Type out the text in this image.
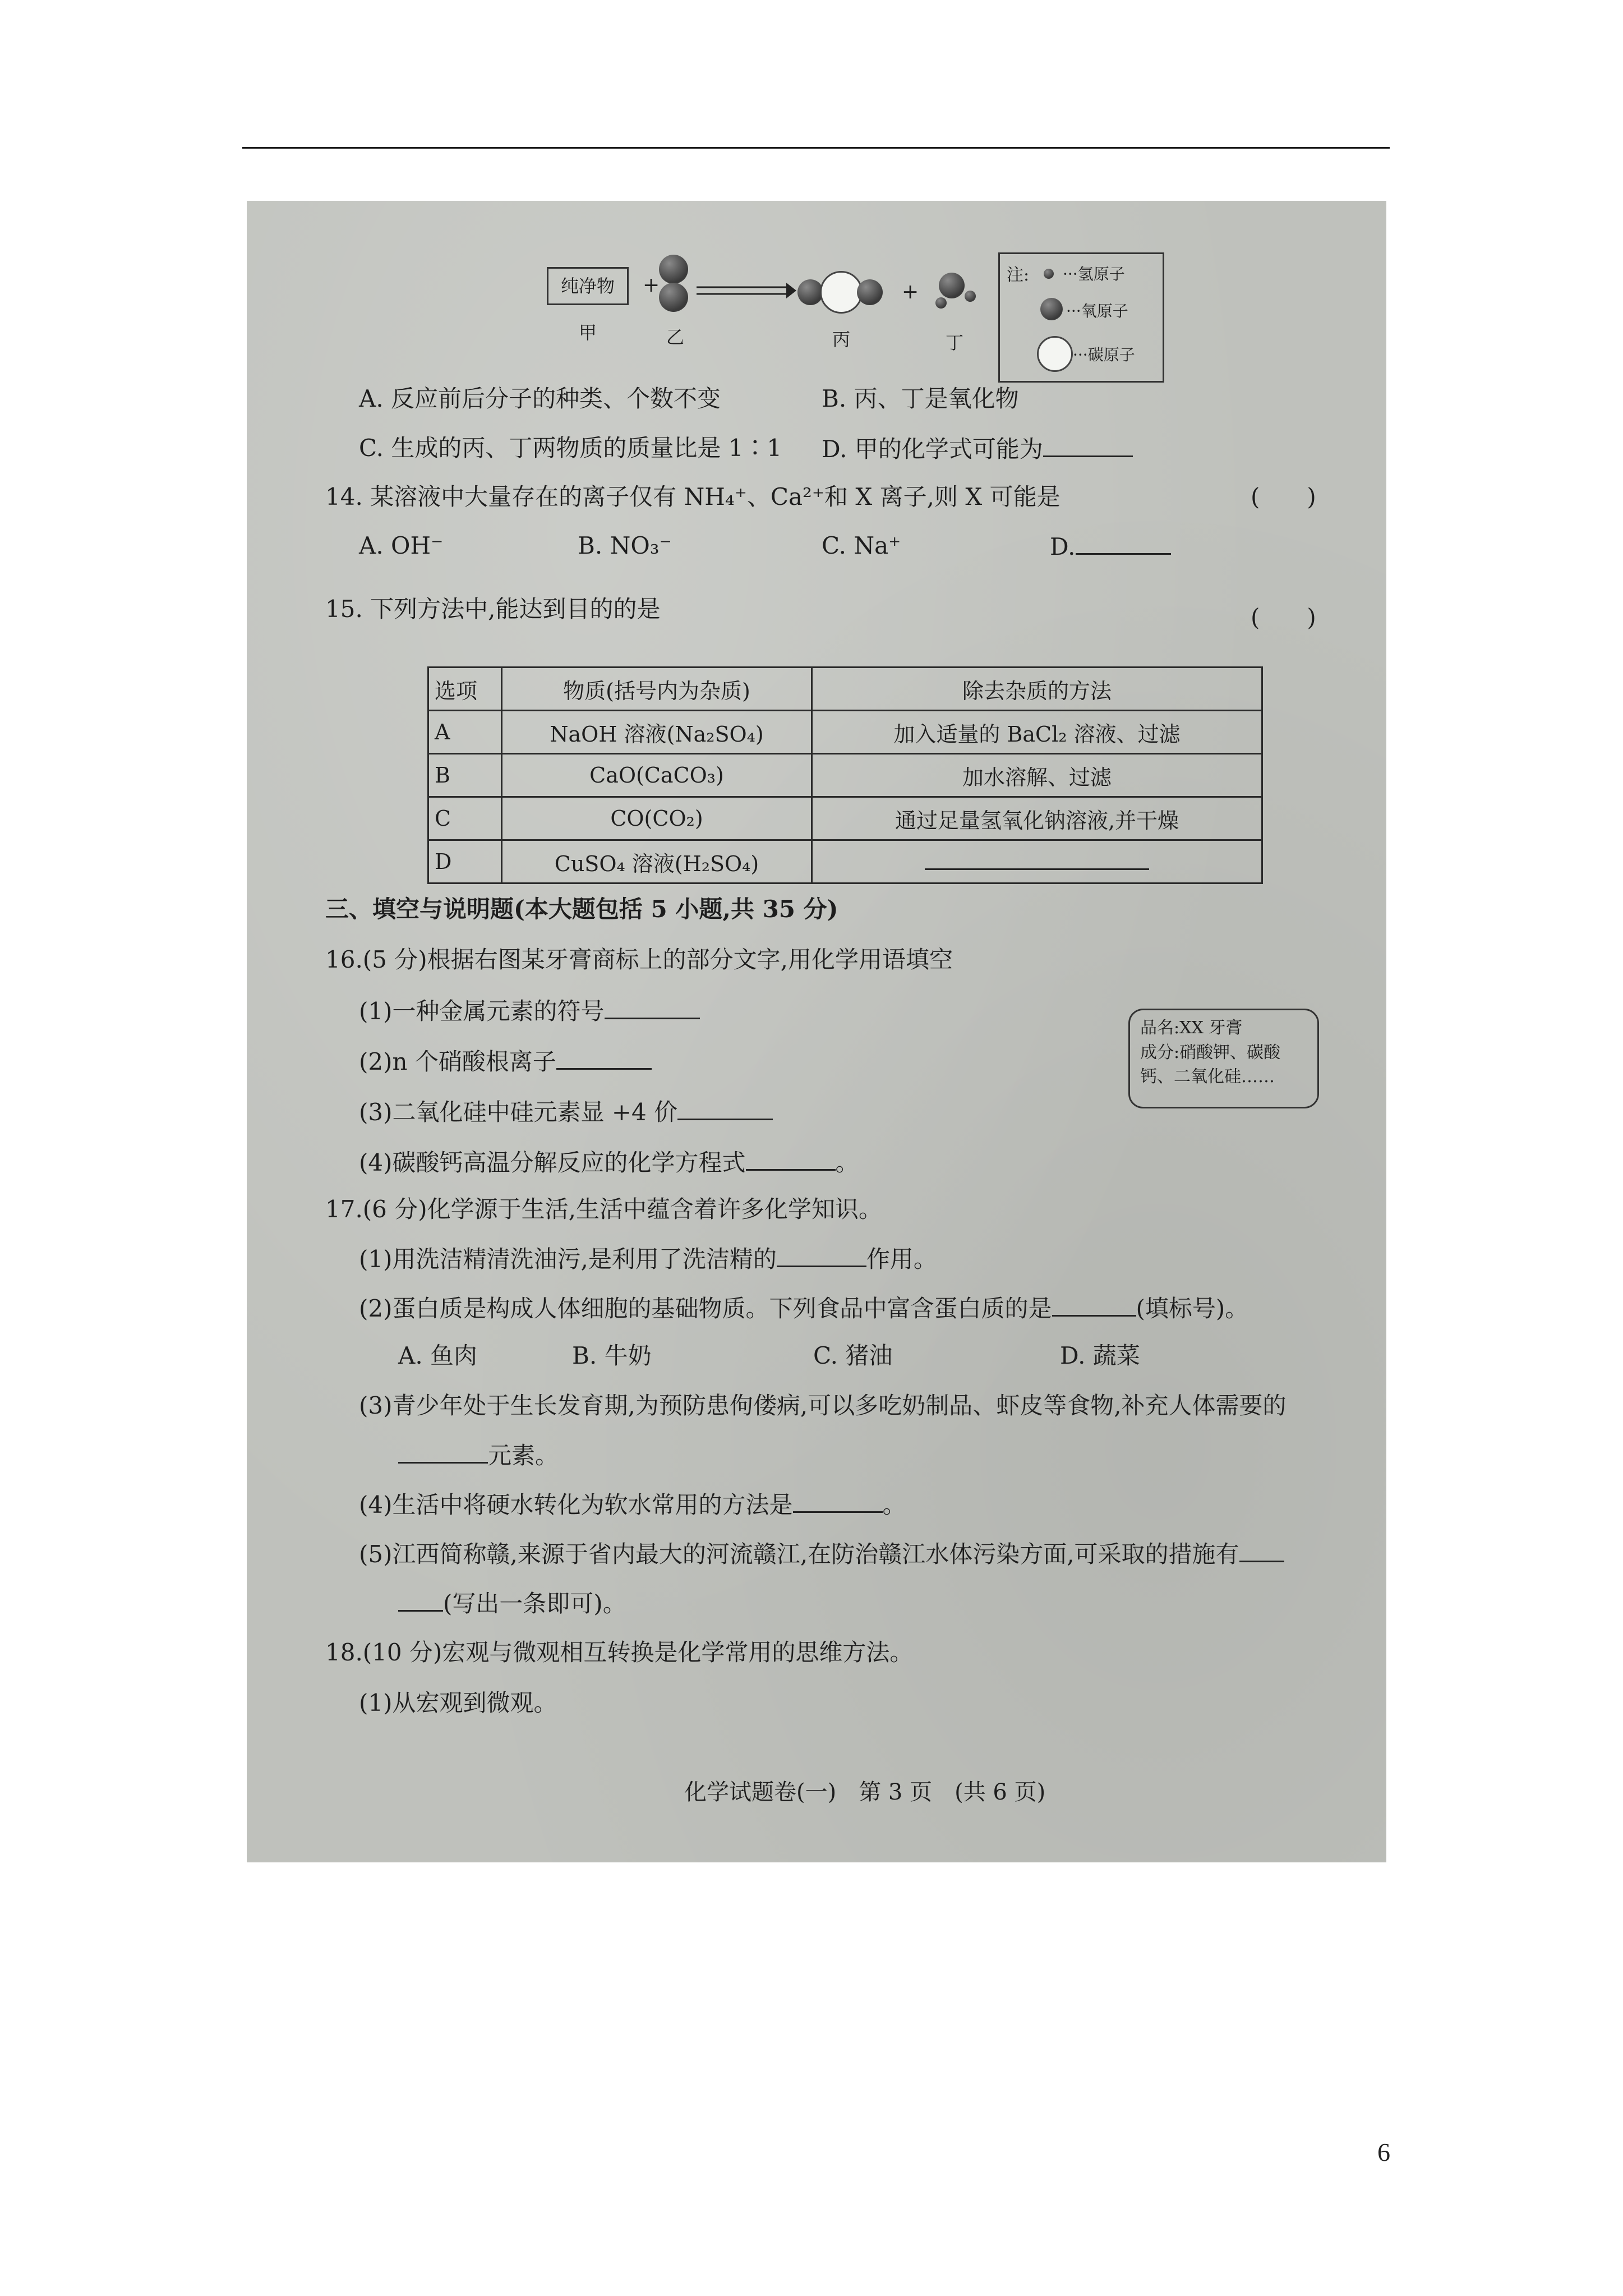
纯净物	+	+
甲	乙	丙	丁
注: ···氢原子
···氧原子
···碳原子
A. 反应前后分子的种类、个数不变	B. 丙、丁是氧化物
C. 生成的丙、丁两物质的质量比是 1∶1 D. 甲的化学式可能为
14. 某溶液中大量存在的离子仅有 NH₄⁺、Ca²⁺和 X 离子,则 X 可能是	(　　)
A. OH⁻	B. NO₃⁻	C. Na⁺	D.
15. 下列方法中,能达到目的的是	(　　)
选项	物质(括号内为杂质)	除去杂质的方法
A	NaOH 溶液(Na₂SO₄)	加入适量的 BaCl₂ 溶液、过滤
B	CaO(CaCO₃)	加水溶解、过滤
C	CO(CO₂)	通过足量氢氧化钠溶液,并干燥
D	CuSO₄ 溶液(H₂SO₄)	
三、填空与说明题(本大题包括 5 小题,共 35 分)
16.(5 分)根据右图某牙膏商标上的部分文字,用化学用语填空
(1)一种金属元素的符号
(2)n 个硝酸根离子
(3)二氧化硅中硅元素显 +4 价
(4)碳酸钙高温分解反应的化学方程式	。
品名:XX 牙膏
成分:硝酸钾、碳酸
钙、二氧化硅……
17.(6 分)化学源于生活,生活中蕴含着许多化学知识。
(1)用洗洁精清洗油污,是利用了洗洁精的	作用。
(2)蛋白质是构成人体细胞的基础物质。下列食品中富含蛋白质的是	(填标号)。
A. 鱼肉	B. 牛奶	C. 猪油	D. 蔬菜
(3)青少年处于生长发育期,为预防患佝偻病,可以多吃奶制品、虾皮等食物,补充人体需要的
元素。
(4)生活中将硬水转化为软水常用的方法是	。
(5)江西简称赣,来源于省内最大的河流赣江,在防治赣江水体污染方面,可采取的措施有
(写出一条即可)。
18.(10 分)宏观与微观相互转换是化学常用的思维方法。
(1)从宏观到微观。
化学试题卷(一)　第 3 页　(共 6 页)
6
